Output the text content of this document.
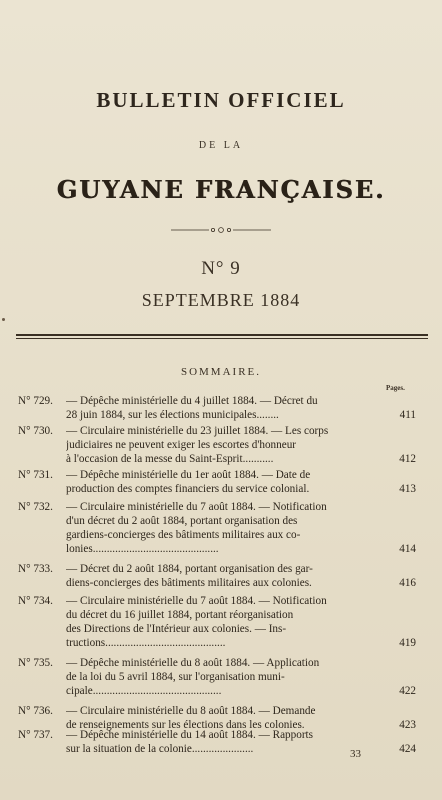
BULLETIN OFFICIEL
DE LA
GUYANE FRANÇAISE.
N° 9
SEPTEMBRE 1884
SOMMAIRE.
Pages.
N° 729. — Dépêche ministérielle du 4 juillet 1884. — Décret du
28 juin 1884, sur les élections municipales........	411
N° 730. — Circulaire ministérielle du 23 juillet 1884. — Les corps
judiciaires ne peuvent exiger les escortes d'honneur
à l'occasion de la messe du Saint-Esprit...........	412
N° 731. — Dépêche ministérielle du 1er août 1884. — Date de
production des comptes financiers du service colonial.	413
N° 732. — Circulaire ministérielle du 7 août 1884. — Notification
d'un décret du 2 août 1884, portant organisation des
gardiens-concierges des bâtiments militaires aux co-
lonies.............................................	414
N° 733. — Décret du 2 août 1884, portant organisation des gar-
diens-concierges des bâtiments militaires aux colonies.	416
N° 734. — Circulaire ministérielle du 7 août 1884. — Notification
du décret du 16 juillet 1884, portant réorganisation
des Directions de l'Intérieur aux colonies. — Ins-
tructions...........................................	419
N° 735. — Dépêche ministérielle du 8 août 1884. — Application
de la loi du 5 avril 1884, sur l'organisation muni-
cipale..............................................	422
N° 736. — Circulaire ministérielle du 8 août 1884. — Demande
de renseignements sur les élections dans les colonies.	423
N° 737. — Dépêche ministérielle du 14 août 1884. — Rapports
sur la situation de la colonie......................	424
33
